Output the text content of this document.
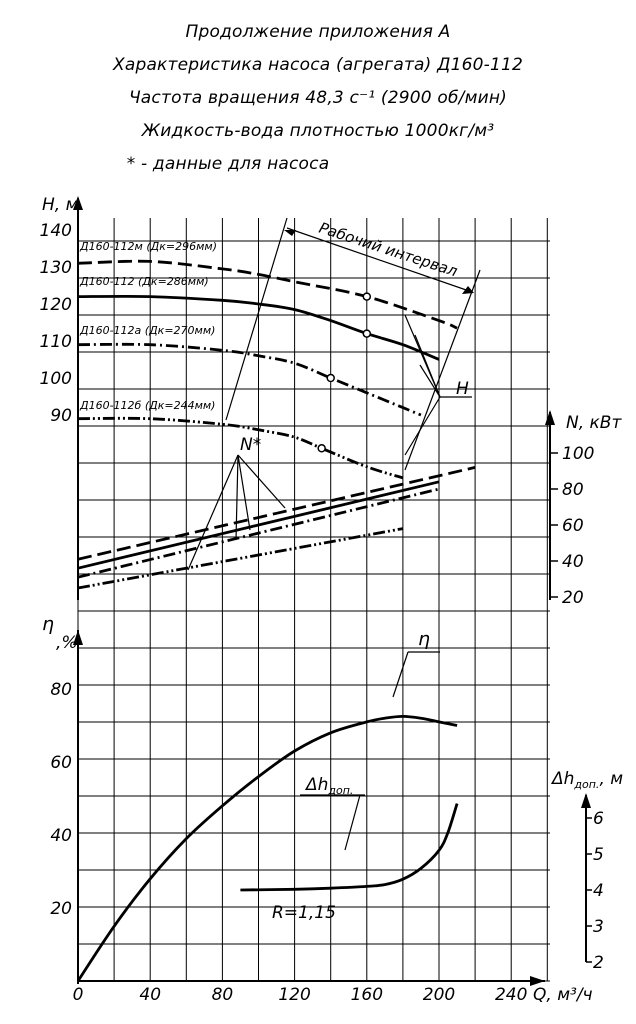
Продолжение приложения А
Характеристика насоса (агрегата) Д160-112
Частота вращения 48,3 с⁻¹ (2900 об/мин)
Жидкость-вода плотностью 1000кг/м³
* - данные для насоса
140
130
120
110
100
90
100
80
60
40
20
80
60
40
20
6
5
4
3
2
0	40	80	120 160 200 240
H, м
N, кВт
η
,%
$\Delta h_{доп.}$, м
Q, м³/ч
Д160-112м (Дк=296мм)
Д160-112 (Дк=286мм)
Д160-112а (Дк=270мм)
Д160-112б (Дк=244мм)
Рабочий интервал
H
N*
η
$\Delta h_{доп.}$
R=1,15
